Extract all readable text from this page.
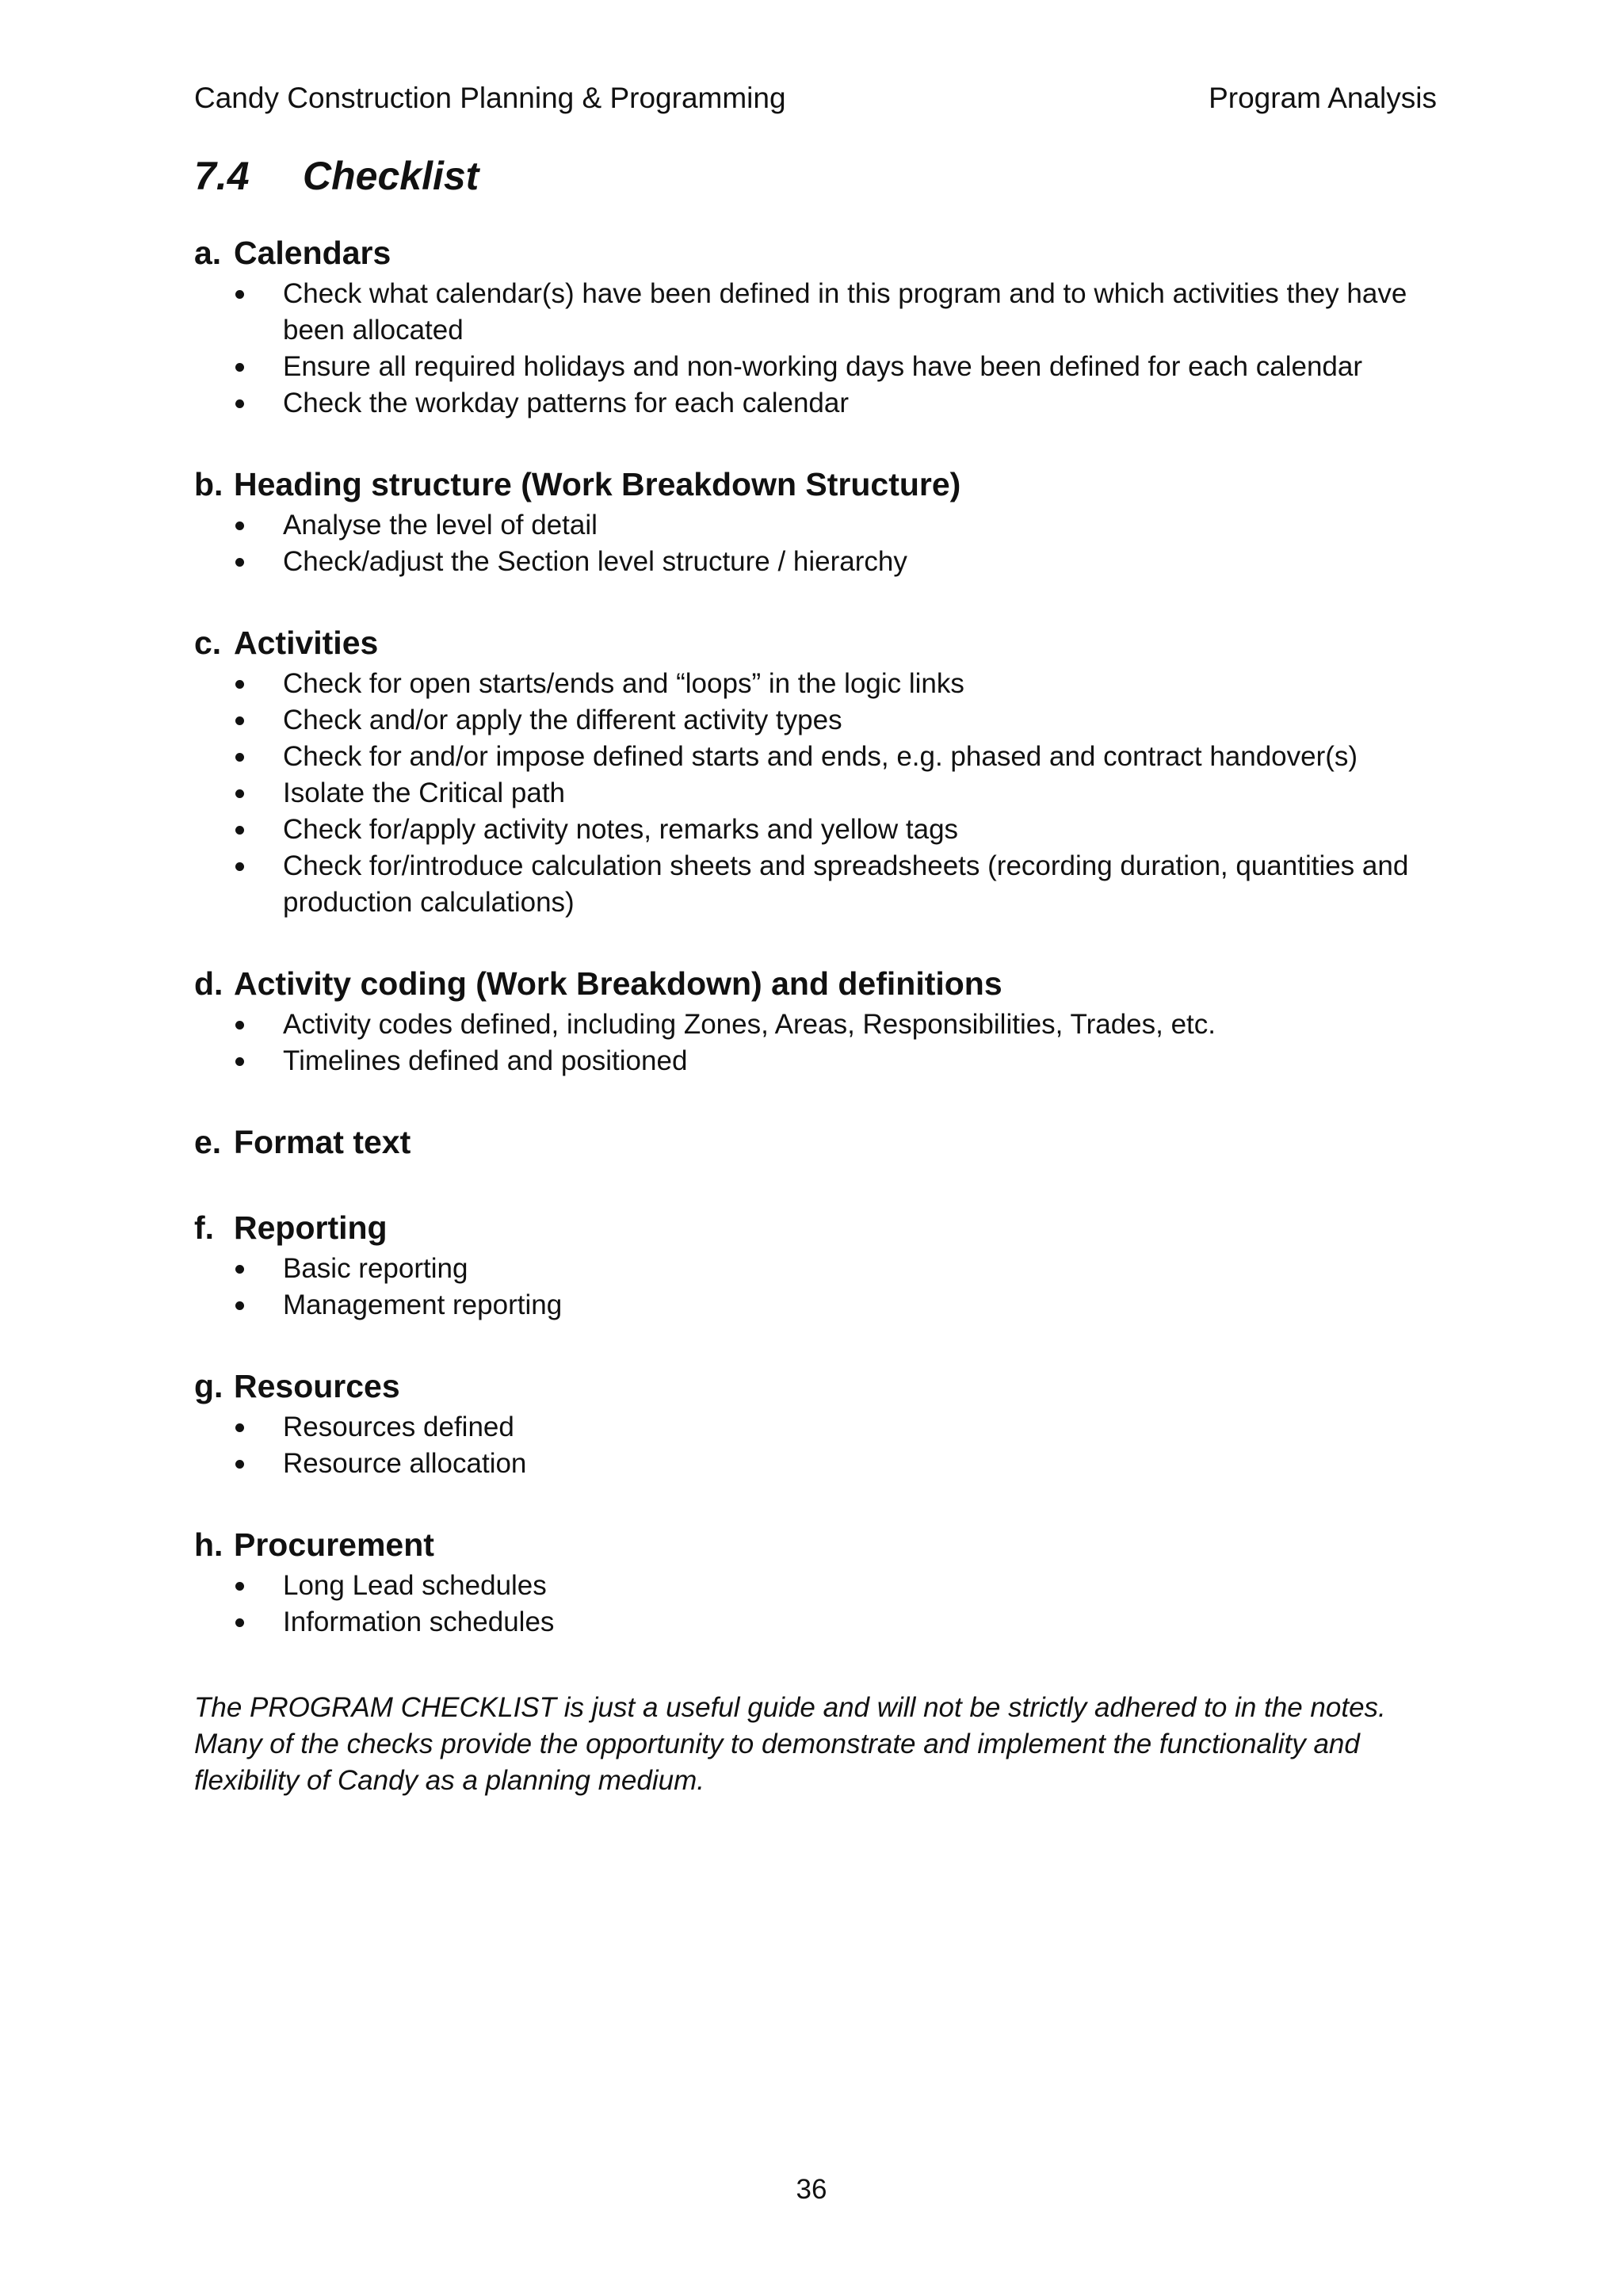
Candy Construction Planning & Programming	Program Analysis
7.4 Checklist
a. Calendars
Check what calendar(s) have been defined in this program and to which activities they have been allocated
Ensure all required holidays and non-working days have been defined for each calendar
Check the workday patterns for each calendar
b. Heading structure (Work Breakdown Structure)
Analyse the level of detail
Check/adjust the Section level structure / hierarchy
c. Activities
Check for open starts/ends and “loops” in the logic links
Check and/or apply the different activity types
Check for and/or impose defined starts and ends, e.g. phased and contract handover(s)
Isolate the Critical path
Check for/apply activity notes, remarks and yellow tags
Check for/introduce calculation sheets and spreadsheets (recording duration, quantities and production calculations)
d. Activity coding (Work Breakdown) and definitions
Activity codes defined, including Zones, Areas, Responsibilities, Trades, etc.
Timelines defined and positioned
e. Format text
f. Reporting
Basic reporting
Management reporting
g. Resources
Resources defined
Resource allocation
h. Procurement
Long Lead schedules
Information schedules

The PROGRAM CHECKLIST is just a useful guide and will not be strictly adhered to in the notes. Many of the checks provide the opportunity to demonstrate and implement the functionality and flexibility of Candy as a planning medium.

36
